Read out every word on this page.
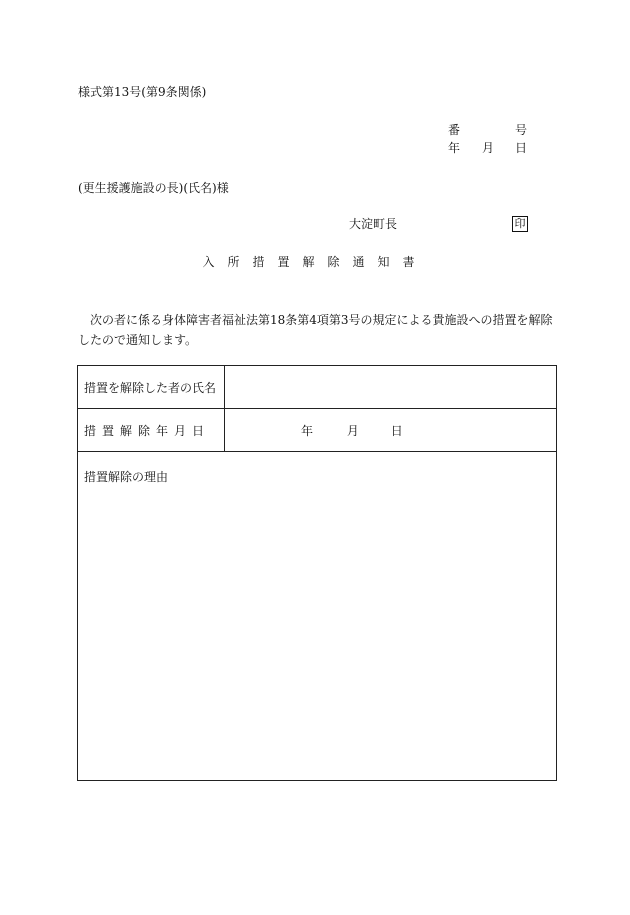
様式第13号(第9条関係)
番	号
年 月 日
(更生援護施設の長)(氏名)様
大淀町長	印
入所措置解除通知書
次の者に係る身体障害者福祉法第18条第4項第3号の規定による貴施設への措置を解除したので通知します。
措置を解除した者の氏名	
措置解除年月日	年 月 日
措置解除の理由	
